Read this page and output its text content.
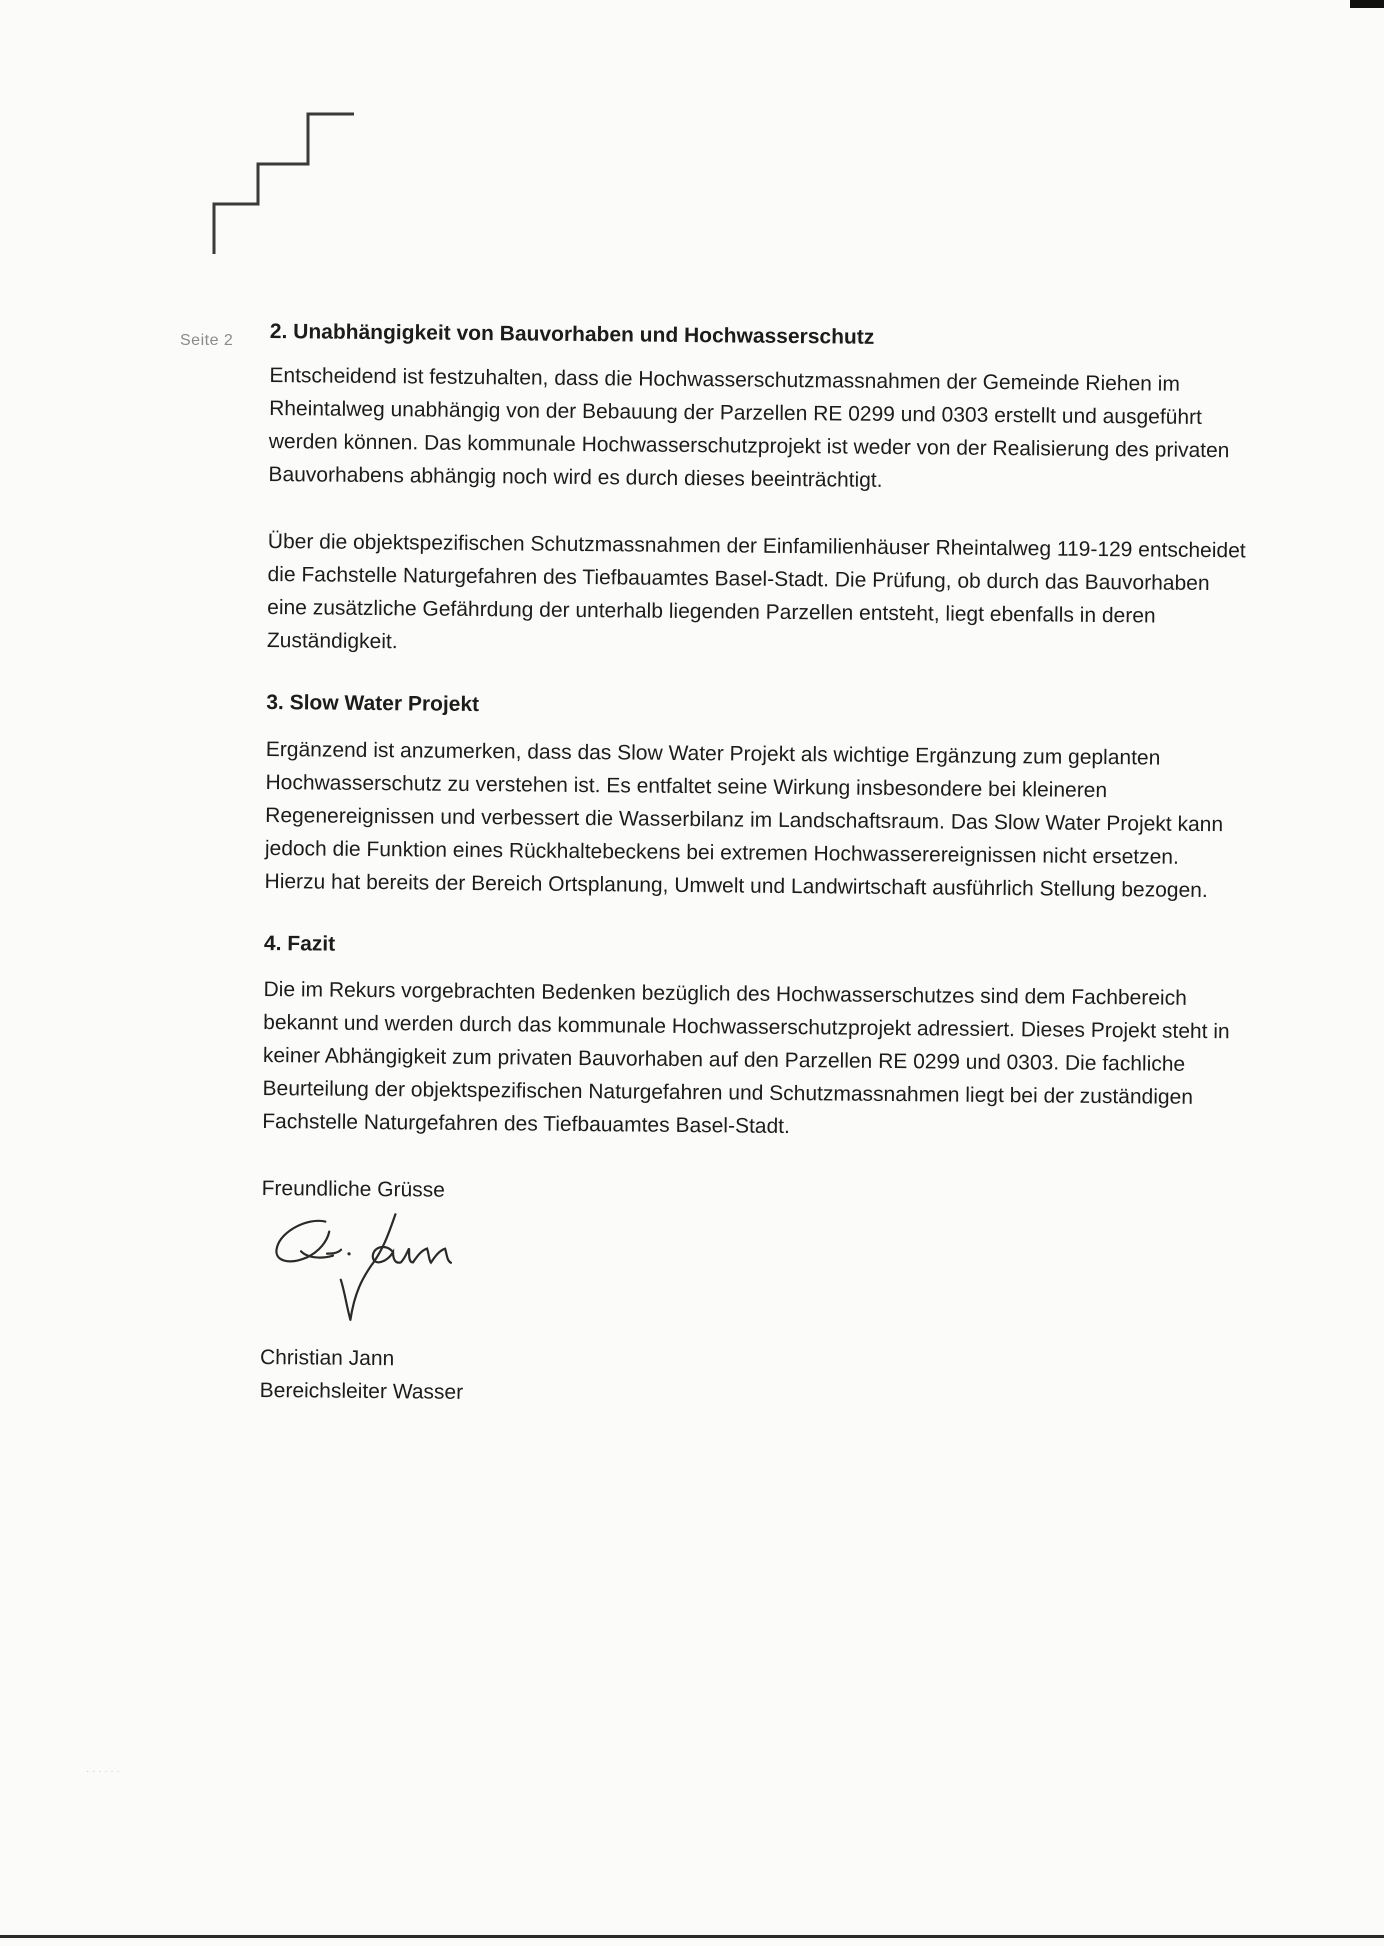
Seite 2 2. Unabhängigkeit von Bauvorhaben und Hochwasserschutz

Entscheidend ist festzuhalten, dass die Hochwasserschutzmassnahmen der Gemeinde Riehen im Rheintalweg unabhängig von der Bebauung der Parzellen RE 0299 und 0303 erstellt und ausgeführt werden können. Das kommunale Hochwasserschutzprojekt ist weder von der Realisierung des privaten Bauvorhabens abhängig noch wird es durch dieses beeinträchtigt.

Über die objektspezifischen Schutzmassnahmen der Einfamilienhäuser Rheintalweg 119-129 entscheidet die Fachstelle Naturgefahren des Tiefbauamtes Basel-Stadt. Die Prüfung, ob durch das Bauvorhaben eine zusätzliche Gefährdung der unterhalb liegenden Parzellen entsteht, liegt ebenfalls in deren Zuständigkeit.

3. Slow Water Projekt

Ergänzend ist anzumerken, dass das Slow Water Projekt als wichtige Ergänzung zum geplanten Hochwasserschutz zu verstehen ist. Es entfaltet seine Wirkung insbesondere bei kleineren Regenereignissen und verbessert die Wasserbilanz im Landschaftsraum. Das Slow Water Projekt kann jedoch die Funktion eines Rückhaltebeckens bei extremen Hochwasserereignissen nicht ersetzen. Hierzu hat bereits der Bereich Ortsplanung, Umwelt und Landwirtschaft ausführlich Stellung bezogen.

4. Fazit

Die im Rekurs vorgebrachten Bedenken bezüglich des Hochwasserschutzes sind dem Fachbereich bekannt und werden durch das kommunale Hochwasserschutzprojekt adressiert. Dieses Projekt steht in keiner Abhängigkeit zum privaten Bauvorhaben auf den Parzellen RE 0299 und 0303. Die fachliche Beurteilung der objektspezifischen Naturgefahren und Schutzmassnahmen liegt bei der zuständigen Fachstelle Naturgefahren des Tiefbauamtes Basel-Stadt.

Freundliche Grüsse
Christian Jann
Bereichsleiter Wasser
· · · · · ·
